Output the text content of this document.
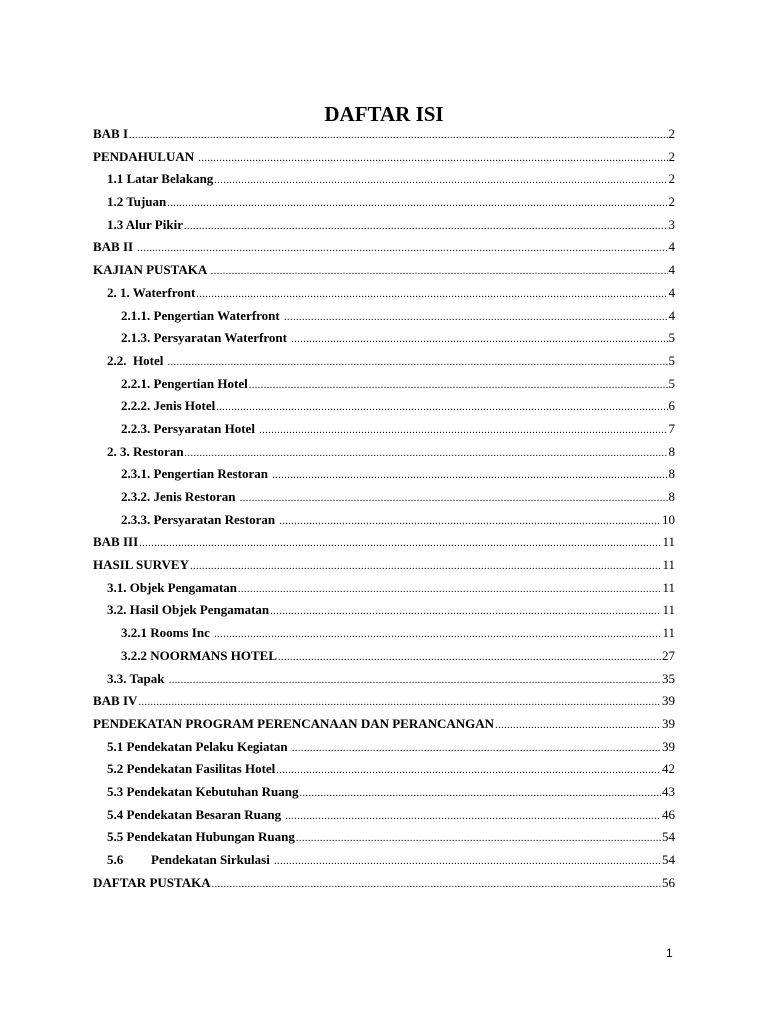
DAFTAR ISI
BAB I .....	2
PENDAHULUAN .....	2
1.1 Latar Belakang .....	2
1.2 Tujuan .....	2
1.3 Alur Pikir .....	3
BAB II .....	4
KAJIAN PUSTAKA .....	4
2. 1. Waterfront .....	4
2.1.1. Pengertian Waterfront .....	4
2.1.3. Persyaratan Waterfront .....	5
2.2.  Hotel .....	5
2.2.1. Pengertian Hotel .....	5
2.2.2. Jenis Hotel .....	6
2.2.3. Persyaratan Hotel .....	7
2. 3. Restoran .....	8
2.3.1. Pengertian Restoran .....	8
2.3.2. Jenis Restoran .....	8
2.3.3. Persyaratan Restoran .....	10
BAB III .....	11
HASIL SURVEY .....	11
3.1. Objek Pengamatan .....	11
3.2. Hasil Objek Pengamatan .....	11
3.2.1 Rooms Inc .....	11
3.2.2 NOORMANS HOTEL .....	27
3.3. Tapak .....	35
BAB IV .....	39
PENDEKATAN PROGRAM PERENCANAAN DAN PERANCANGAN .....	39
5.1 Pendekatan Pelaku Kegiatan .....	39
5.2 Pendekatan Fasilitas Hotel .....	42
5.3 Pendekatan Kebutuhan Ruang .....	43
5.4 Pendekatan Besaran Ruang .....	46
5.5 Pendekatan Hubungan Ruang .....	54
5.6 Pendekatan Sirkulasi .....	54
DAFTAR PUSTAKA .....	56
1
